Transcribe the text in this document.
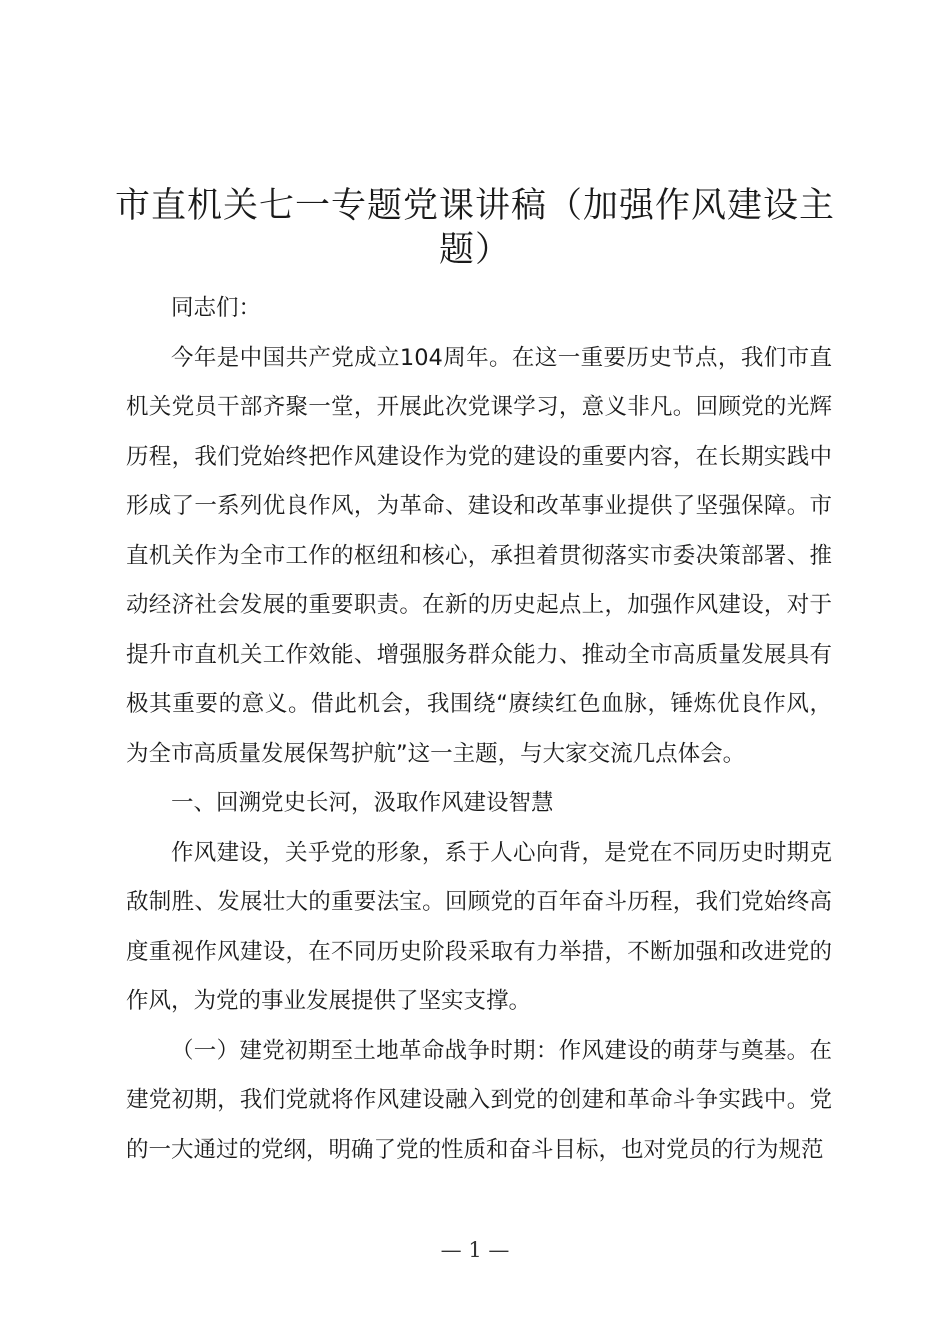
市直机关七一专题党课讲稿（加强作风建设主题）

同志们：

今年是中国共产党成立104周年。在这一重要历史节点，我们市直机关党员干部齐聚一堂，开展此次党课学习，意义非凡。回顾党的光辉历程，我们党始终把作风建设作为党的建设的重要内容，在长期实践中形成了一系列优良作风，为革命、建设和改革事业提供了坚强保障。市直机关作为全市工作的枢纽和核心，承担着贯彻落实市委决策部署、推动经济社会发展的重要职责。在新的历史起点上，加强作风建设，对于提升市直机关工作效能、增强服务群众能力、推动全市高质量发展具有极其重要的意义。借此机会，我围绕“赓续红色血脉，锤炼优良作风，为全市高质量发展保驾护航”这一主题，与大家交流几点体会。

一、回溯党史长河，汲取作风建设智慧

作风建设，关乎党的形象，系于人心向背，是党在不同历史时期克敌制胜、发展壮大的重要法宝。回顾党的百年奋斗历程，我们党始终高度重视作风建设，在不同历史阶段采取有力举措，不断加强和改进党的作风，为党的事业发展提供了坚实支撑。

（一）建党初期至土地革命战争时期：作风建设的萌芽与奠基。在建党初期，我们党就将作风建设融入到党的创建和革命斗争实践中。党的一大通过的党纲，明确了党的性质和奋斗目标，也对党员的行为规范

— 1 —
